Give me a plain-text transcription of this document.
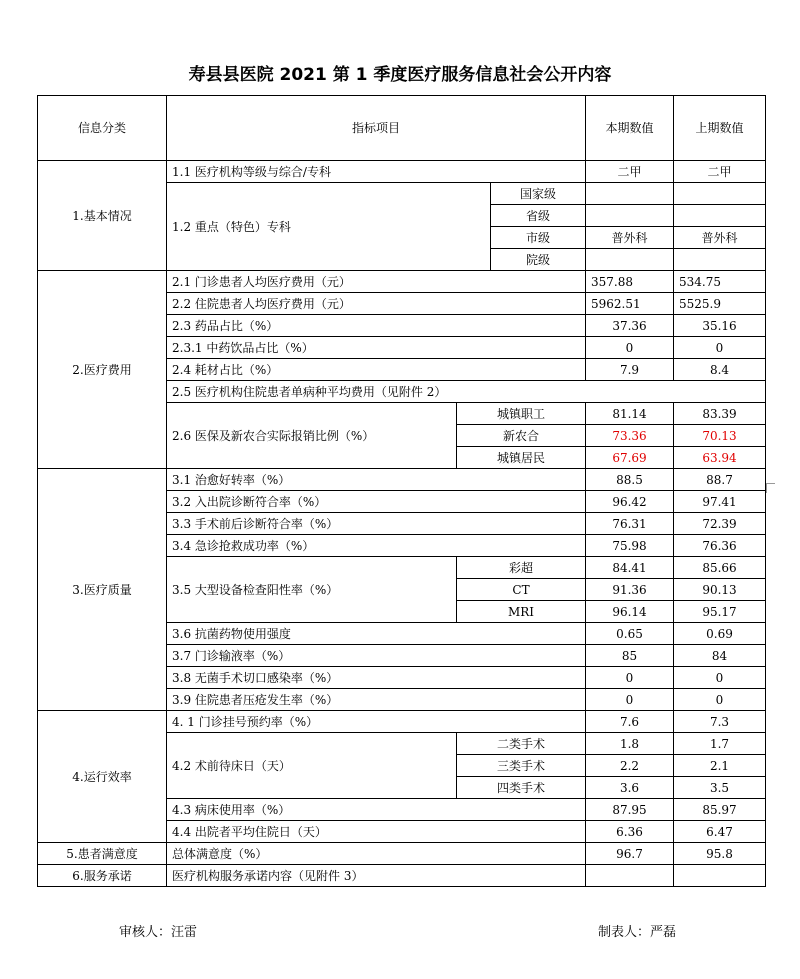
寿县县医院 2021 第 1 季度医疗服务信息社会公开内容
信息分类	指标项目			本期数值	上期数值
1.基本情况	1.1 医疗机构等级与综合/专科			二甲	二甲
	1.2 重点（特色）专科		国家级		
			省级		
			市级	普外科	普外科
			院级		
2.医疗费用	2.1 门诊患者人均医疗费用（元）			357.88	534.75
	2.2 住院患者人均医疗费用（元）			5962.51	5525.9
	2.3 药品占比（%）			37.36	35.16
	2.3.1 中药饮品占比（%）			0	0
	2.4 耗材占比（%）			7.9	8.4
	2.5 医疗机构住院患者单病种平均费用（见附件 2）				
	2.6 医保及新农合实际报销比例（%）	城镇职工		81.14	83.39
		新农合		73.36	70.13
		城镇居民		67.69	63.94
3.医疗质量	3.1 治愈好转率（%）			88.5	88.7
	3.2 入出院诊断符合率（%）			96.42	97.41
	3.3 手术前后诊断符合率（%）			76.31	72.39
	3.4 急诊抢救成功率（%）			75.98	76.36
	3.5 大型设备检查阳性率（%）	彩超		84.41	85.66
		CT		91.36	90.13
		MRI		96.14	95.17
	3.6 抗菌药物使用强度			0.65	0.69
	3.7 门诊输液率（%）			85	84
	3.8 无菌手术切口感染率（%）			0	0
	3.9 住院患者压疮发生率（%）			0	0
4.运行效率	4. 1 门诊挂号预约率（%）			7.6	7.3
	4.2 术前待床日（天）	二类手术		1.8	1.7
		三类手术		2.2	2.1
		四类手术		3.6	3.5
	4.3 病床使用率（%）			87.95	85.97
	4.4 出院者平均住院日（天）			6.36	6.47
5.患者满意度	总体满意度（%）			96.7	95.8
6.服务承诺	医疗机构服务承诺内容（见附件 3）				
审核人：汪雷	制表人：严磊
